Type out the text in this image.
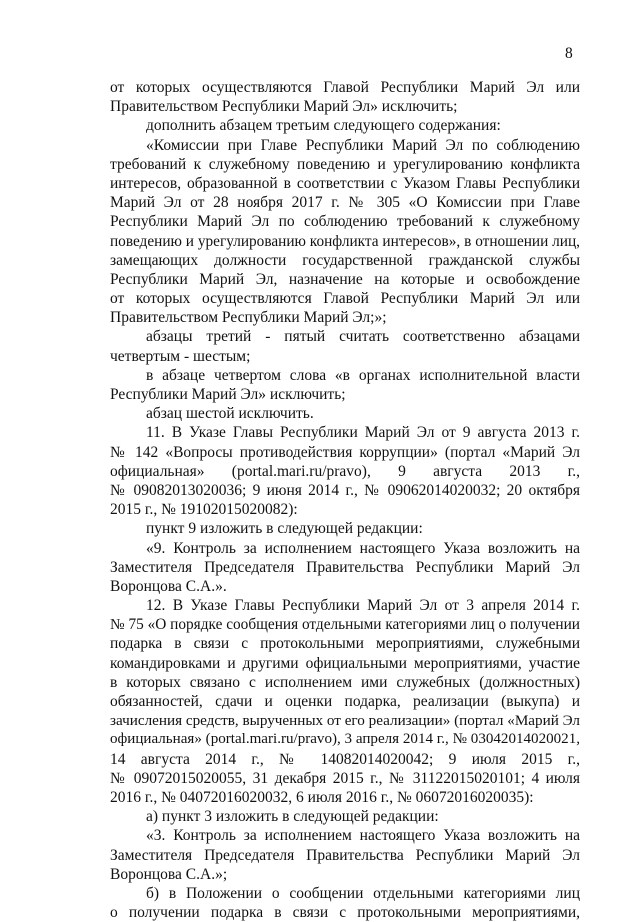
8
от которых осуществляются Главой Республики Марий Эл или
Правительством Республики Марий Эл» исключить;
дополнить абзацем третьим следующего содержания:
«Комиссии при Главе Республики Марий Эл по соблюдению
требований к служебному поведению и урегулированию конфликта
интересов, образованной в соответствии с Указом Главы Республики
Марий Эл от 28 ноября 2017 г. № 305 «О Комиссии при Главе
Республики Марий Эл по соблюдению требований к служебному
поведению и урегулированию конфликта интересов», в отношении лиц,
замещающих должности государственной гражданской службы
Республики Марий Эл, назначение на которые и освобождение
от которых осуществляются Главой Республики Марий Эл или
Правительством Республики Марий Эл;»;
абзацы третий - пятый считать соответственно абзацами
четвертым - шестым;
в абзаце четвертом слова «в органах исполнительной власти
Республики Марий Эл» исключить;
абзац шестой исключить.
11. В Указе Главы Республики Марий Эл от 9 августа 2013 г.
№ 142 «Вопросы противодействия коррупции» (портал «Марий Эл
официальная» (portal.mari.ru/pravo), 9 августа 2013 г.,
№ 09082013020036; 9 июня 2014 г., № 09062014020032; 20 октября
2015 г., № 19102015020082):
пункт 9 изложить в следующей редакции:
«9. Контроль за исполнением настоящего Указа возложить на
Заместителя Председателя Правительства Республики Марий Эл
Воронцова С.А.».
12. В Указе Главы Республики Марий Эл от 3 апреля 2014 г.
№ 75 «О порядке сообщения отдельными категориями лиц о получении
подарка в связи с протокольными мероприятиями, служебными
командировками и другими официальными мероприятиями, участие
в которых связано с исполнением ими служебных (должностных)
обязанностей, сдачи и оценки подарка, реализации (выкупа) и
зачисления средств, вырученных от его реализации» (портал «Марий Эл
официальная» (portal.mari.ru/pravo), 3 апреля 2014 г., № 03042014020021,
14 августа 2014 г., № 14082014020042; 9 июля 2015 г.,
№ 09072015020055, 31 декабря 2015 г., № 31122015020101; 4 июля
2016 г., № 04072016020032, 6 июля 2016 г., № 06072016020035):
а) пункт 3 изложить в следующей редакции:
«3. Контроль за исполнением настоящего Указа возложить на
Заместителя Председателя Правительства Республики Марий Эл
Воронцова С.А.»;
б) в Положении о сообщении отдельными категориями лиц
о получении подарка в связи с протокольными мероприятиями,
